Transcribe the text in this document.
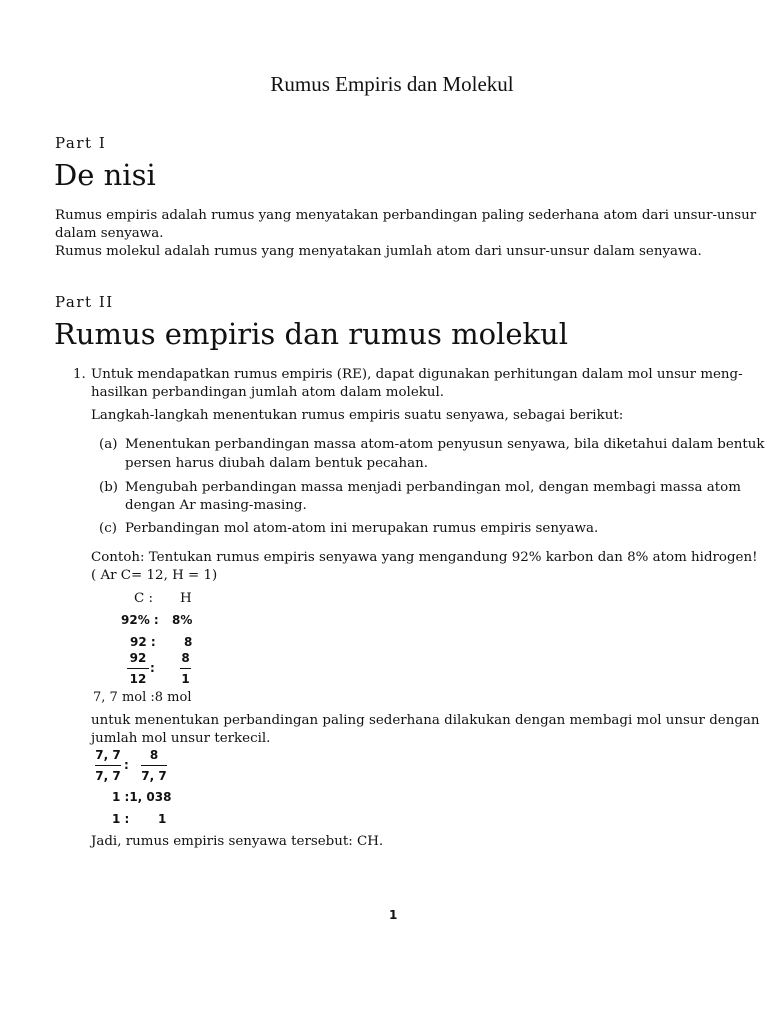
Rumus Empiris dan Molekul
Part I
De nisi
Rumus empiris adalah rumus yang menyatakan perbandingan paling sederhana atom dari unsur-unsur
dalam senyawa.
Rumus molekul adalah rumus yang menyatakan jumlah atom dari unsur-unsur dalam senyawa.
Part II
Rumus empiris dan rumus molekul
1. Untuk mendapatkan rumus empiris (RE), dapat digunakan perhitungan dalam mol unsur meng-
hasilkan perbandingan jumlah atom dalam molekul.
Langkah-langkah menentukan rumus empiris suatu senyawa, sebagai berikut:
(a) Menentukan perbandingan massa atom-atom penyusun senyawa, bila diketahui dalam bentuk
persen harus diubah dalam bentuk pecahan.
(b) Mengubah perbandingan massa menjadi perbandingan mol, dengan membagi massa atom
dengan Ar masing-masing.
(c) Perbandingan mol atom-atom ini merupakan rumus empiris senyawa.
Contoh: Tentukan rumus empiris senyawa yang mengandung 92% karbon dan 8% atom hidrogen!
( Ar C= 12, H = 1)
C : H
92% : 8%
92 : 8
92
12
:
8
1
7, 7 mol :8 mol
untuk menentukan perbandingan paling sederhana dilakukan dengan membagi mol unsur dengan
jumlah mol unsur terkecil.
7, 7
7, 7
:
8
7, 7
1 :1, 038
1 : 1
Jadi, rumus empiris senyawa tersebut: CH.
1
